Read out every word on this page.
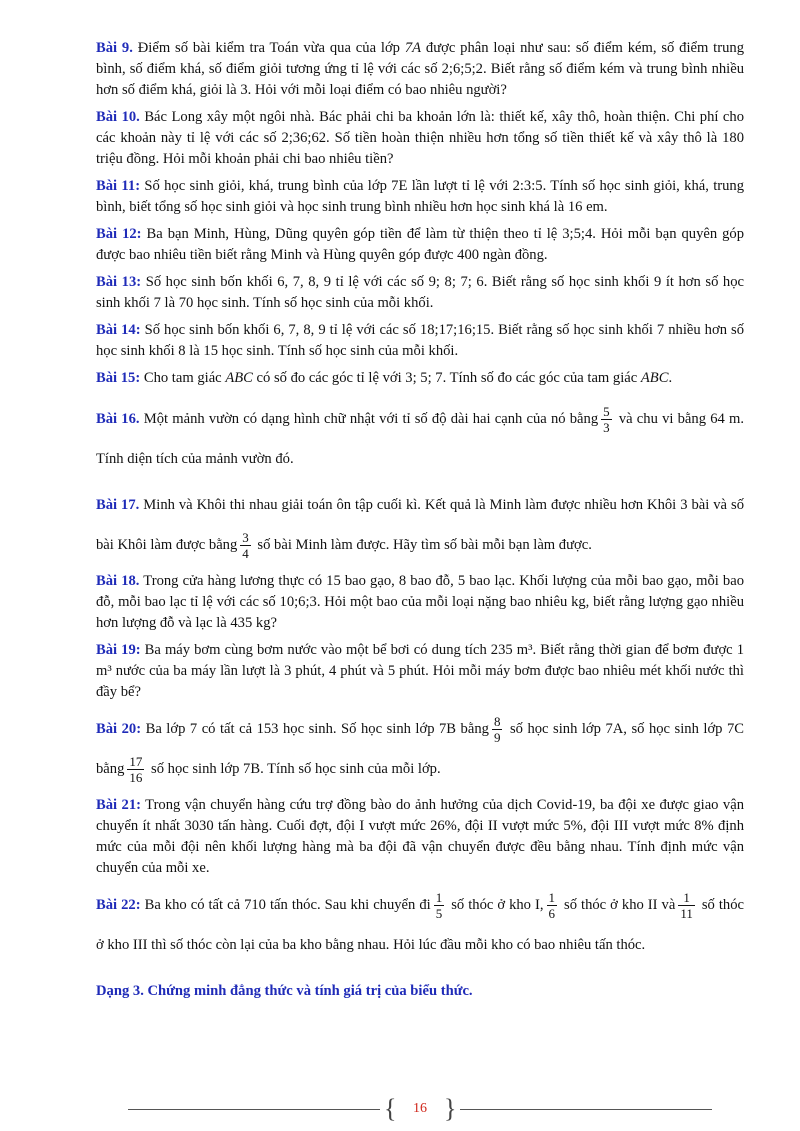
Bài 9. Điểm số bài kiểm tra Toán vừa qua của lớp 7A được phân loại như sau: số điểm kém, số điểm trung bình, số điểm khá, số điểm giỏi tương ứng tỉ lệ với các số 2;6;5;2. Biết rằng số điểm kém và trung bình nhiều hơn số điểm khá, giỏi là 3. Hỏi với mỗi loại điểm có bao nhiêu người?

Bài 10. Bác Long xây một ngôi nhà. Bác phải chi ba khoản lớn là: thiết kế, xây thô, hoàn thiện. Chi phí cho các khoản này tỉ lệ với các số 2;36;62. Số tiền hoàn thiện nhiều hơn tổng số tiền thiết kế và xây thô là 180 triệu đồng. Hỏi mỗi khoản phải chi bao nhiêu tiền?

Bài 11: Số học sinh giỏi, khá, trung bình của lớp 7E lần lượt tỉ lệ với 2:3:5. Tính số học sinh giỏi, khá, trung bình, biết tổng số học sinh giỏi và học sinh trung bình nhiều hơn học sinh khá là 16 em.

Bài 12: Ba bạn Minh, Hùng, Dũng quyên góp tiền để làm từ thiện theo tỉ lệ 3;5;4. Hỏi mỗi bạn quyên góp được bao nhiêu tiền biết rằng Minh và Hùng quyên góp được 400 ngàn đồng.

Bài 13: Số học sinh bốn khối 6, 7, 8, 9 tỉ lệ với các số 9; 8; 7; 6. Biết rằng số học sinh khối 9 ít hơn số học sinh khối 7 là 70 học sinh. Tính số học sinh của mỗi khối.

Bài 14: Số học sinh bốn khối 6, 7, 8, 9 tỉ lệ với các số 18;17;16;15. Biết rằng số học sinh khối 7 nhiều hơn số học sinh khối 8 là 15 học sinh. Tính số học sinh của mỗi khối.

Bài 15: Cho tam giác ABC có số đo các góc tỉ lệ với 3; 5; 7. Tính số đo các góc của tam giác ABC.

Bài 16. Một mảnh vườn có dạng hình chữ nhật với tỉ số độ dài hai cạnh của nó bằng $\frac{5}{3}$ và chu vi bằng 64 m. Tính diện tích của mảnh vườn đó.

Bài 17. Minh và Khôi thi nhau giải toán ôn tập cuối kì. Kết quả là Minh làm được nhiều hơn Khôi 3 bài và số bài Khôi làm được bằng $\frac{3}{4}$ số bài Minh làm được. Hãy tìm số bài mỗi bạn làm được.

Bài 18. Trong cửa hàng lương thực có 15 bao gạo, 8 bao đỗ, 5 bao lạc. Khối lượng của mỗi bao gạo, mỗi bao đỗ, mỗi bao lạc tỉ lệ với các số 10;6;3. Hỏi một bao của mỗi loại nặng bao nhiêu kg, biết rằng lượng gạo nhiều hơn lượng đỗ và lạc là 435 kg?

Bài 19: Ba máy bơm cùng bơm nước vào một bể bơi có dung tích 235 m³. Biết rằng thời gian để bơm được 1 m³ nước của ba máy lần lượt là 3 phút, 4 phút và 5 phút. Hỏi mỗi máy bơm được bao nhiêu mét khối nước thì đầy bể?

Bài 20: Ba lớp 7 có tất cả 153 học sinh. Số học sinh lớp 7B bằng $\frac{8}{9}$ số học sinh lớp 7A, số học sinh lớp 7C bằng $\frac{17}{16}$ số học sinh lớp 7B. Tính số học sinh của mỗi lớp.

Bài 21: Trong vận chuyển hàng cứu trợ đồng bào do ảnh hưởng của dịch Covid-19, ba đội xe được giao vận chuyển ít nhất 3030 tấn hàng. Cuối đợt, đội I vượt mức 26%, đội II vượt mức 5%, đội III vượt mức 8% định mức của mỗi đội nên khối lượng hàng mà ba đội đã vận chuyển được đều bằng nhau. Tính định mức vận chuyển của mỗi xe.

Bài 22: Ba kho có tất cả 710 tấn thóc. Sau khi chuyển đi $\frac{1}{5}$ số thóc ở kho I, $\frac{1}{6}$ số thóc ở kho II và $\frac{1}{11}$ số thóc ở kho III thì số thóc còn lại của ba kho bằng nhau. Hỏi lúc đầu mỗi kho có bao nhiêu tấn thóc.

Dạng 3. Chứng minh đẳng thức và tính giá trị của biểu thức.

{	16 }
